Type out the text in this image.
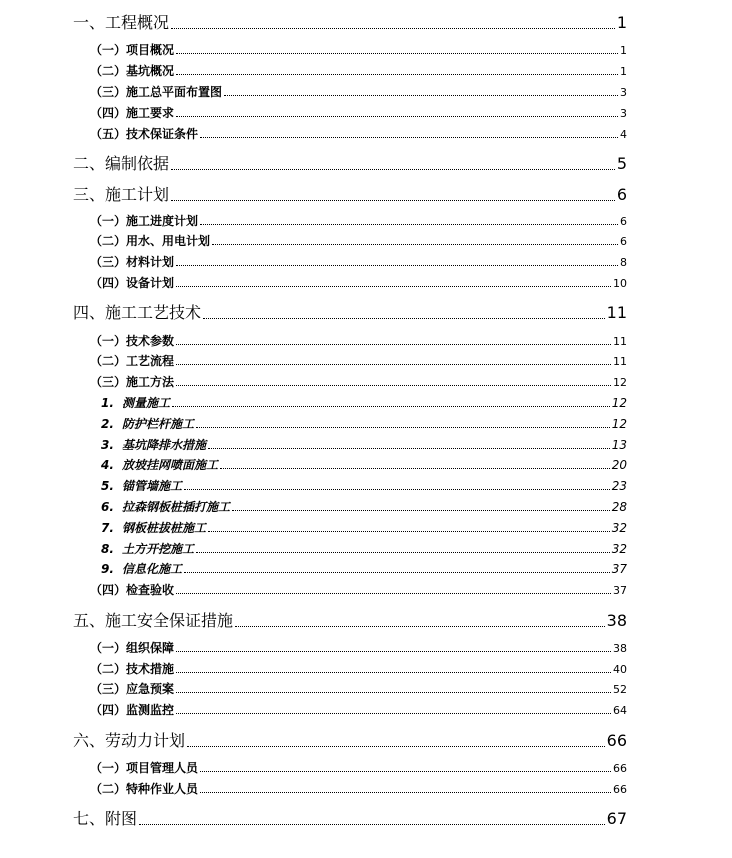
一、工程概况	1
（一）项目概况	1
（二）基坑概况	1
（三）施工总平面布置图	3
（四）施工要求	3
（五）技术保证条件	4
二、编制依据	5
三、施工计划	6
（一）施工进度计划	6
（二）用水、用电计划	6
（三）材料计划	8
（四）设备计划	10
四、施工工艺技术	11
（一）技术参数	11
（二）工艺流程	11
（三）施工方法	12
1. 测量施工	12
2. 防护栏杆施工	12
3. 基坑降排水措施	13
4. 放坡挂网喷面施工	20
5. 锚管墙施工	23
6. 拉森钢板桩插打施工	28
7. 钢板桩拔桩施工	32
8. 土方开挖施工	32
9. 信息化施工	37
（四）检查验收	37
五、施工安全保证措施	38
（一）组织保障	38
（二）技术措施	40
（三）应急预案	52
（四）监测监控	64
六、劳动力计划	66
（一）项目管理人员	66
（二）特种作业人员	66
七、附图	67
